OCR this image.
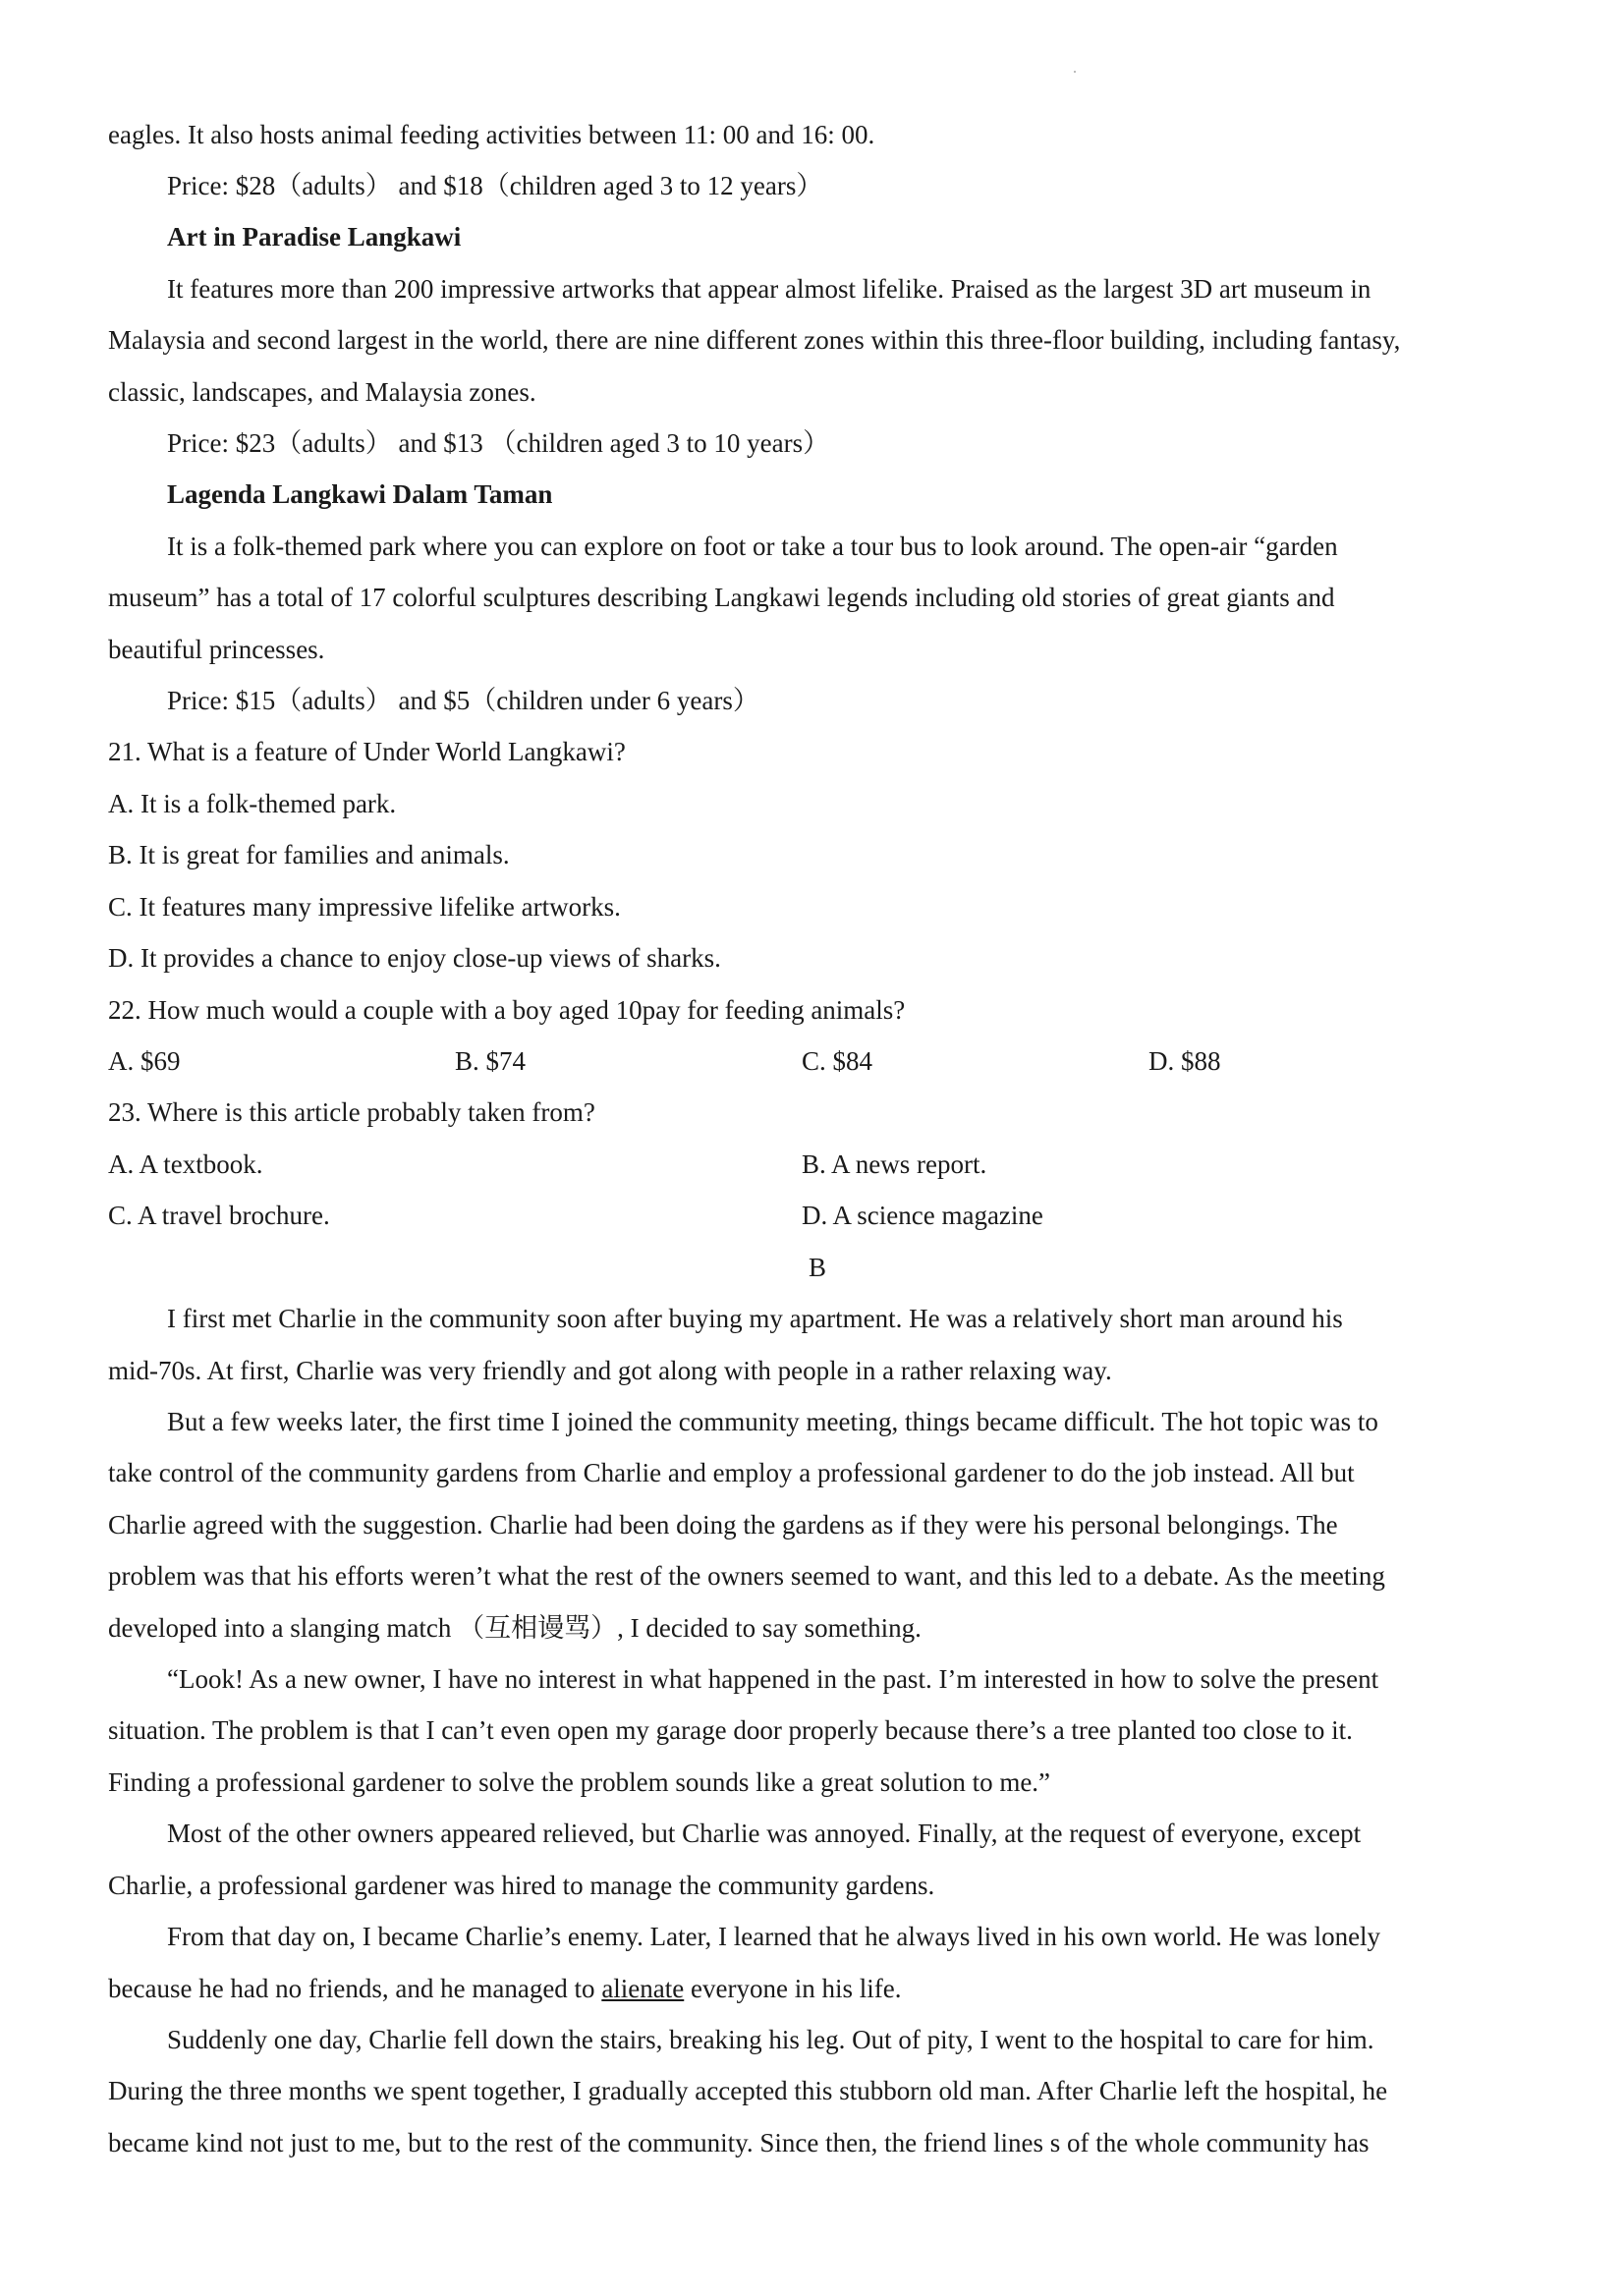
eagles. It also hosts animal feeding activities between 11: 00 and 16: 00.
Price: $28（adults） and $18（children aged 3 to 12 years）
Art in Paradise Langkawi
It features more than 200 impressive artworks that appear almost lifelike. Praised as the largest 3D art museum in
Malaysia and second largest in the world, there are nine different zones within this three-floor building, including fantasy,
classic, landscapes, and Malaysia zones.
Price: $23（adults） and $13 （children aged 3 to 10 years）
Lagenda Langkawi Dalam Taman
It is a folk-themed park where you can explore on foot or take a tour bus to look around. The open-air “garden
museum” has a total of 17 colorful sculptures describing Langkawi legends including old stories of great giants and
beautiful princesses.
Price: $15（adults） and $5（children under 6 years）
21. What is a feature of Under World Langkawi?
A. It is a folk-themed park.
B. It is great for families and animals.
C. It features many impressive lifelike artworks.
D. It provides a chance to enjoy close-up views of sharks.
22. How much would a couple with a boy aged 10pay for feeding animals?
A. $69	B. $74	C. $84	D. $88
23. Where is this article probably taken from?
A. A textbook.	B. A news report.
C. A travel brochure.	D. A science magazine
B
I first met Charlie in the community soon after buying my apartment. He was a relatively short man around his
mid-70s. At first, Charlie was very friendly and got along with people in a rather relaxing way.
But a few weeks later, the first time I joined the community meeting, things became difficult. The hot topic was to
take control of the community gardens from Charlie and employ a professional gardener to do the job instead. All but
Charlie agreed with the suggestion. Charlie had been doing the gardens as if they were his personal belongings. The
problem was that his efforts weren’t what the rest of the owners seemed to want, and this led to a debate. As the meeting
developed into a slanging match （互相谩骂）, I decided to say something.
“Look! As a new owner, I have no interest in what happened in the past. I’m interested in how to solve the present
situation. The problem is that I can’t even open my garage door properly because there’s a tree planted too close to it.
Finding a professional gardener to solve the problem sounds like a great solution to me.”
Most of the other owners appeared relieved, but Charlie was annoyed. Finally, at the request of everyone, except
Charlie, a professional gardener was hired to manage the community gardens.
From that day on, I became Charlie’s enemy. Later, I learned that he always lived in his own world. He was lonely
because he had no friends, and he managed to alienate everyone in his life.
Suddenly one day, Charlie fell down the stairs, breaking his leg. Out of pity, I went to the hospital to care for him.
During the three months we spent together, I gradually accepted this stubborn old man. After Charlie left the hospital, he
became kind not just to me, but to the rest of the community. Since then, the friend lines s of the whole community has
